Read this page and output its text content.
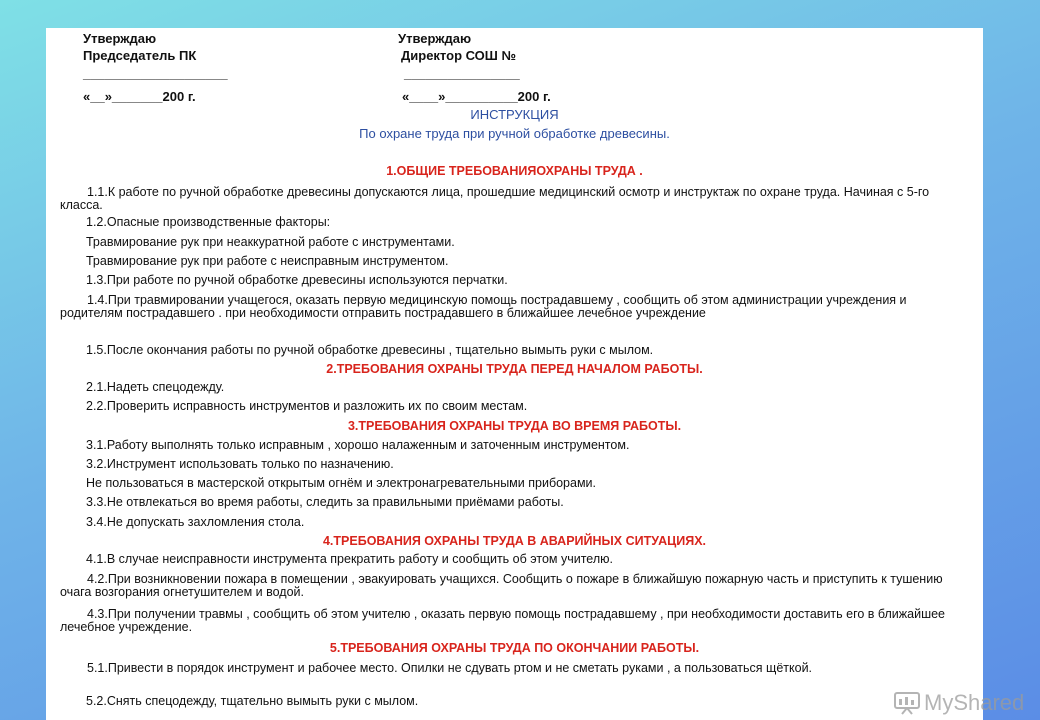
Утверждаю
Председатель ПК
____________________
«__»_______200 г.
Утверждаю
Директор СОШ №
________________
«____»__________200 г.
ИНСТРУКЦИЯ
По охране труда при ручной обработке древесины.
1.ОБЩИЕ ТРЕБОВАНИЯОХРАНЫ ТРУДА .
1.1.К работе по ручной обработке древесины допускаются лица, прошедшие медицинский осмотр и инструктаж по охране труда. Начиная с 5-го класса.
1.2.Опасные производственные факторы:
Травмирование рук при неаккуратной работе с инструментами.
Травмирование рук при работе с неисправным инструментом.
1.3.При работе по ручной обработке древесины используются перчатки.
1.4.При травмировании учащегося, оказать первую медицинскую помощь пострадавшему , сообщить об этом администрации учреждения и родителям пострадавшего . при необходимости отправить пострадавшего в ближайшее лечебное учреждение
1.5.После окончания работы по ручной обработке древесины , тщательно вымыть руки с мылом.
2.ТРЕБОВАНИЯ ОХРАНЫ ТРУДА ПЕРЕД НАЧАЛОМ РАБОТЫ.
2.1.Надеть спецодежду.
2.2.Проверить исправность инструментов и разложить их по своим местам.
3.ТРЕБОВАНИЯ ОХРАНЫ ТРУДА ВО ВРЕМЯ РАБОТЫ.
3.1.Работу выполнять только исправным , хорошо налаженным и заточенным инструментом.
3.2.Инструмент использовать только по назначению.
Не пользоваться в мастерской открытым огнём и электронагревательными приборами.
3.3.Не отвлекаться во время работы, следить за правильными приёмами работы.
3.4.Не допускать захломления стола.
4.ТРЕБОВАНИЯ ОХРАНЫ ТРУДА В АВАРИЙНЫХ СИТУАЦИЯХ.
4.1.В случае неисправности инструмента прекратить работу и сообщить об этом учителю.
4.2.При возникновении пожара в помещении , эвакуировать учащихся. Сообщить о пожаре в ближайшую пожарную часть и приступить к тушению очага возгорания огнетушителем и водой.
4.3.При получении травмы , сообщить об этом учителю , оказать первую помощь пострадавшему , при необходимости доставить его в ближайшее лечебное учреждение.
5.ТРЕБОВАНИЯ ОХРАНЫ ТРУДА ПО ОКОНЧАНИИ РАБОТЫ.
5.1.Привести в порядок инструмент и рабочее место. Опилки не сдувать ртом и не сметать руками , а пользоваться щёткой.
5.2.Снять спецодежду, тщательно вымыть руки с мылом.	MyShared
